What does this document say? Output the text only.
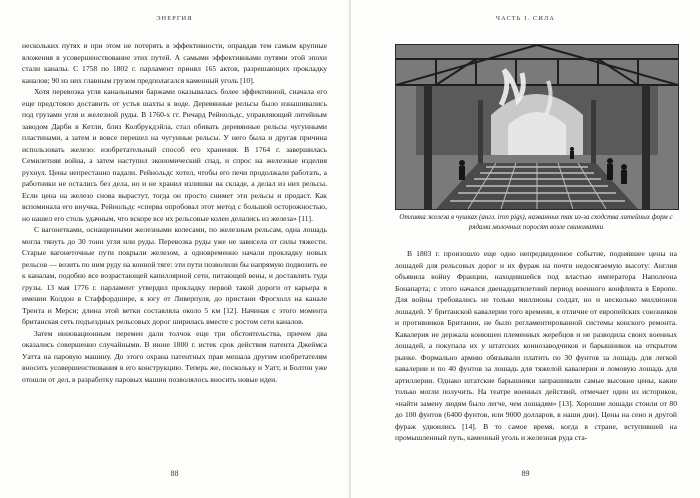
ЭНЕРГИЯ

нескольких путях и при этом не потерять в эффективности, оправдав тем самым крупные вложения в усовершенствование этих путей. А самыми эффективными путями этой эпохи стали каналы. С 1758 по 1802 г. парламент принял 165 актов, разрешающих прокладку каналов; 90 из них главным грузом предполагался каменный уголь [10].

Хотя перевозка угля канальными баржами оказывалась более эффективной, сначала его еще предстояло доставить от устья шахты к воде. Деревянные рельсы было изнашивались под грузами угля и железной руды. В 1760-х гг. Ричард Рейнольдс, управляющий литейным заводом Дарби в Кетли, близ Колбрукдэйла, стал обивать деревянные рельсы чугунными пластинами, а затем и вовсе перешел на чугунные рельсы. У него была и другая причина использовать железо: изобретательный способ его хранения. В 1764 г. завершилась Семилетняя война, а затем наступил экономический спад, и спрос на железные изделия рухнул. Цены непрестанно падали. Рейнольдс хотел, чтобы его печи продолжали работать, а работники не остались без дела, но и не хранил излишки на складе, а делал из них рельсы. Если цена на железо снова вырастут, тогда он просто снимет эти рельсы и продаст. Как вспоминала его внучка, Рейнольдс «сперва опробовал этот метод с большой осторожностью, но нашел его столь удачным, что вскоре все их рельсовые колеи делались из железа» [11].

С вагонетками, оснащенными железными колесами, по железным рельсам, одна лошадь могла тянуть до 30 тонн угля или руды. Перевозка руды уже не зависела от силы тяжести. Старые вагонеточные пути покрыли железом, а одновременно начали прокладку новых рельсов — возить по ним руду на конной тяге: эти пути позволили бы напрямую подвозить ее к каналам, подобно все возрастающей капиллярной сети, питающей вены, и доставлять туда грузы. 13 мая 1776 г. парламент утвердил прокладку первой такой дороги от карьера в имении Колдон в Стаффордшире, к югу от Ливерпуля, до пристани Фрогхолл на канале Трента и Мерси; длина этой ветки составляла около 5 км [12]. Начиная с этого момента британская сеть подъездных рельсовых дорог ширилась вместе с ростом сети каналов.

Затем инновационным перемен дали толчок еще три обстоятельства, причем два оказались совершенно случайными. В июне 1800 г. истек срок действия патента Джеймса Уатта на паровую машину. До этого охрана патентных прав мешала другим изобретателям вносить усовершенствования в его конструкцию. Теперь же, поскольку и Уатт, и Болтон уже отошли от дел, в разработку паровых машин позволялось вносить новые идеи.

88
ЧАСТЬ I. СИЛА
Отливка железа в чушках (англ. iron pigs), названных так из-за сходства литейных форм с рядами молочных поросят возле свиноматки

В 1803 г. произошло еще одно непредвиденное событие, поднявшее цены на лошадей для рельсовых дорог и их фураж на почти недосягаемую высоту: Англия объявила войну Франции, находившейся под властью императора Наполеона Бонапарта; с этого начался двенадцатилетний период военного конфликта в Европе. Для войны требовались не только миллионы солдат, но и несколько миллионов лошадей. У британской кавалерии того времени, в отличие от европейских союзников и противников Британии, не было регламентированной системы конского ремонта. Кавалерия не держала конюшен племенных жеребцов и не разводила своих военных лошадей, а покупала их у штатских коннозаводчиков и барышников на открытом рынке. Формально армию обязывали платить по 30 фунтов за лошадь для легкой кавалерии и по 40 фунтов за лошадь для тяжелой кавалерии и ломовую лошадь для артиллерии. Однако штатские барышники запрашивали самые высокие цены, какие только могли получить. На театре военных действий, отмечает один из историков, «найти замену людям было легче, чем лошадям» [13]. Хорошие лошади стоили от 80 до 100 фунтов (6400 фунтов, или 9000 долларов, в наши дни). Цены на сено и другой фураж удвоились [14]. В то самое время, когда в стране, вступившей на промышленный путь, каменный уголь и железная руда ста-

89
